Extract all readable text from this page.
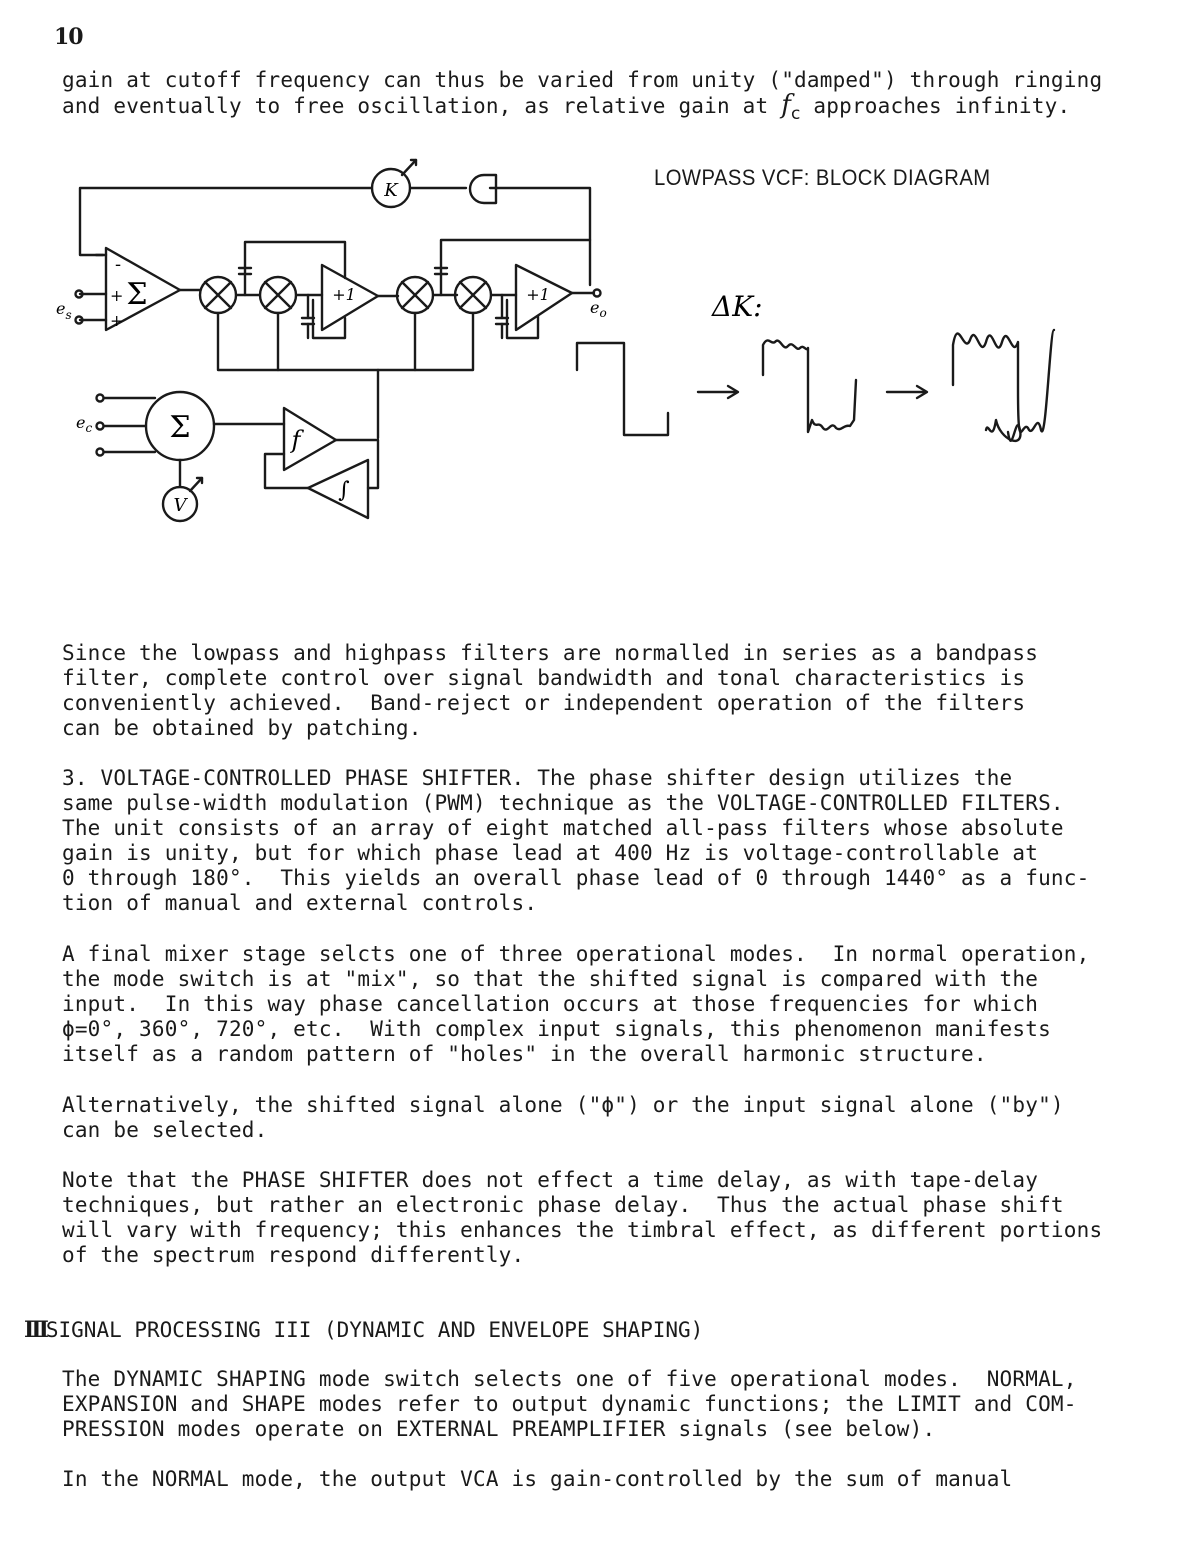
10
gain at cutoff frequency can thus be varied from unity ("damped") through ringing
and eventually to free oscillation, as relative gain at $f_c$ approaches infinity.
LOWPASS VCF: BLOCK DIAGRAM
K
V
Σ
Σ
+1	+1
-
+
+
$e_s$	$e_o$
$e_c$	f
∫
ΔK:
Since the lowpass and highpass filters are normalled in series as a bandpass
filter, complete control over signal bandwidth and tonal characteristics is
conveniently achieved.  Band-reject or independent operation of the filters
can be obtained by patching.
3. VOLTAGE-CONTROLLED PHASE SHIFTER. The phase shifter design utilizes the
same pulse-width modulation (PWM) technique as the VOLTAGE-CONTROLLED FILTERS.
The unit consists of an array of eight matched all-pass filters whose absolute
gain is unity, but for which phase lead at 400 Hz is voltage-controllable at
0 through 180°.  This yields an overall phase lead of 0 through 1440° as a func-
tion of manual and external controls.
A final mixer stage selcts one of three operational modes.  In normal operation,
the mode switch is at "mix", so that the shifted signal is compared with the
input.  In this way phase cancellation occurs at those frequencies for which
ϕ=0°, 360°, 720°, etc.  With complex input signals, this phenomenon manifests
itself as a random pattern of "holes" in the overall harmonic structure.
Alternatively, the shifted signal alone ("ϕ") or the input signal alone ("by")
can be selected.
Note that the PHASE SHIFTER does not effect a time delay, as with tape-delay
techniques, but rather an electronic phase delay.  Thus the actual phase shift
will vary with frequency; this enhances the timbral effect, as different portions
of the spectrum respond differently.
IIISIGNAL PROCESSING III (DYNAMIC AND ENVELOPE SHAPING)
The DYNAMIC SHAPING mode switch selects one of five operational modes.  NORMAL,
EXPANSION and SHAPE modes refer to output dynamic functions; the LIMIT and COM-
PRESSION modes operate on EXTERNAL PREAMPLIFIER signals (see below).
In the NORMAL mode, the output VCA is gain-controlled by the sum of manual
